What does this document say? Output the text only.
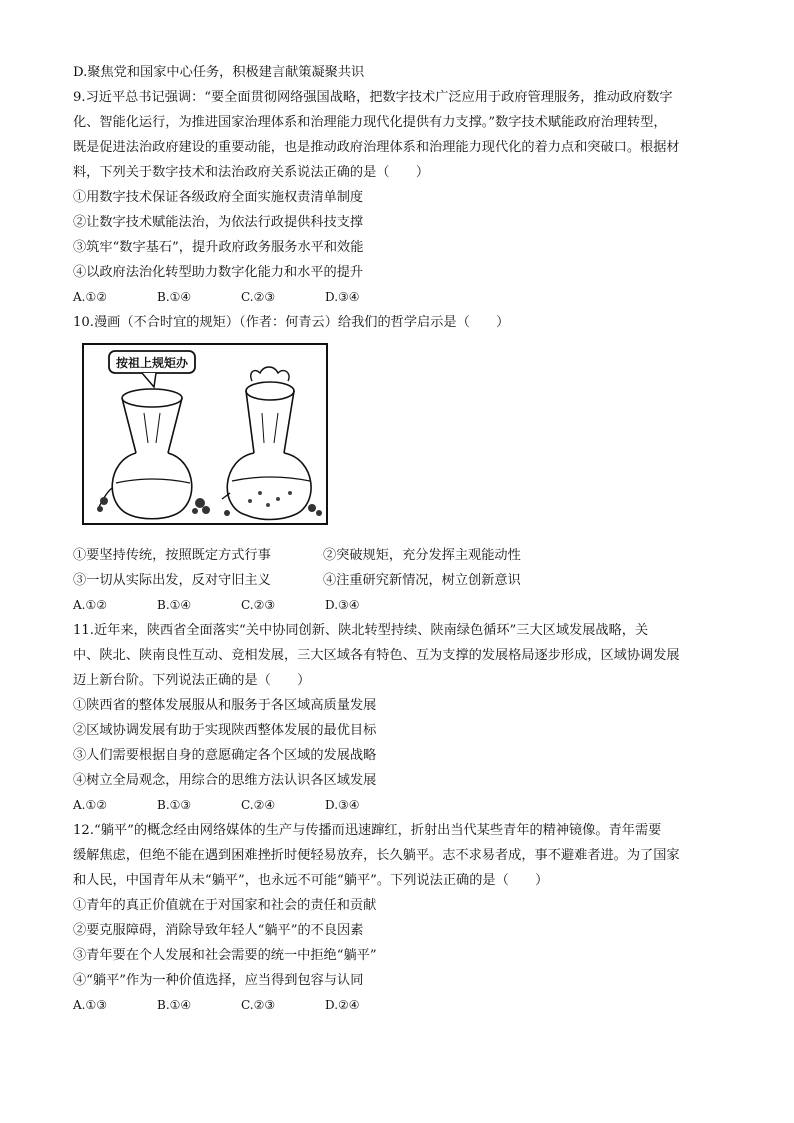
D.聚焦党和国家中心任务，积极建言献策凝聚共识
9.习近平总书记强调：“要全面贯彻网络强国战略，把数字技术广泛应用于政府管理服务，推动政府数字
化、智能化运行，为推进国家治理体系和治理能力现代化提供有力支撑。”数字技术赋能政府治理转型，
既是促进法治政府建设的重要动能，也是推动政府治理体系和治理能力现代化的着力点和突破口。根据材
料，下列关于数字技术和法治政府关系说法正确的是（　　）
①用数字技术保证各级政府全面实施权责清单制度
②让数字技术赋能法治，为依法行政提供科技支撑
③筑牢“数字基石”，提升政府政务服务水平和效能
④以政府法治化转型助力数字化能力和水平的提升
A.①②	B.①④	C.②③	D.③④
10.漫画（不合时宜的规矩）（作者：何青云）给我们的哲学启示是（　　）
按祖上规矩办
①要坚持传统，按照既定方式行事	②突破规矩，充分发挥主观能动性
③一切从实际出发，反对守旧主义	④注重研究新情况，树立创新意识
A.①②	B.①④	C.②③	D.③④
11.近年来，陕西省全面落实“关中协同创新、陕北转型持续、陕南绿色循环”三大区域发展战略，关
中、陕北、陕南良性互动、竞相发展，三大区域各有特色、互为支撑的发展格局逐步形成，区域协调发展
迈上新台阶。下列说法正确的是（　　）
①陕西省的整体发展服从和服务于各区域高质量发展
②区域协调发展有助于实现陕西整体发展的最优目标
③人们需要根据自身的意愿确定各个区域的发展战略
④树立全局观念，用综合的思维方法认识各区域发展
A.①②	B.①③	C.②④	D.③④
12.“躺平”的概念经由网络媒体的生产与传播而迅速蹿红，折射出当代某些青年的精神镜像。青年需要
缓解焦虑，但绝不能在遇到困难挫折时便轻易放弃，长久躺平。志不求易者成，事不避难者进。为了国家
和人民，中国青年从未“躺平”，也永远不可能“躺平”。下列说法正确的是（　　）
①青年的真正价值就在于对国家和社会的责任和贡献
②要克服障碍，消除导致年轻人“躺平”的不良因素
③青年要在个人发展和社会需要的统一中拒绝“躺平”
④“躺平”作为一种价值选择，应当得到包容与认同
A.①③	B.①④	C.②③	D.②④
